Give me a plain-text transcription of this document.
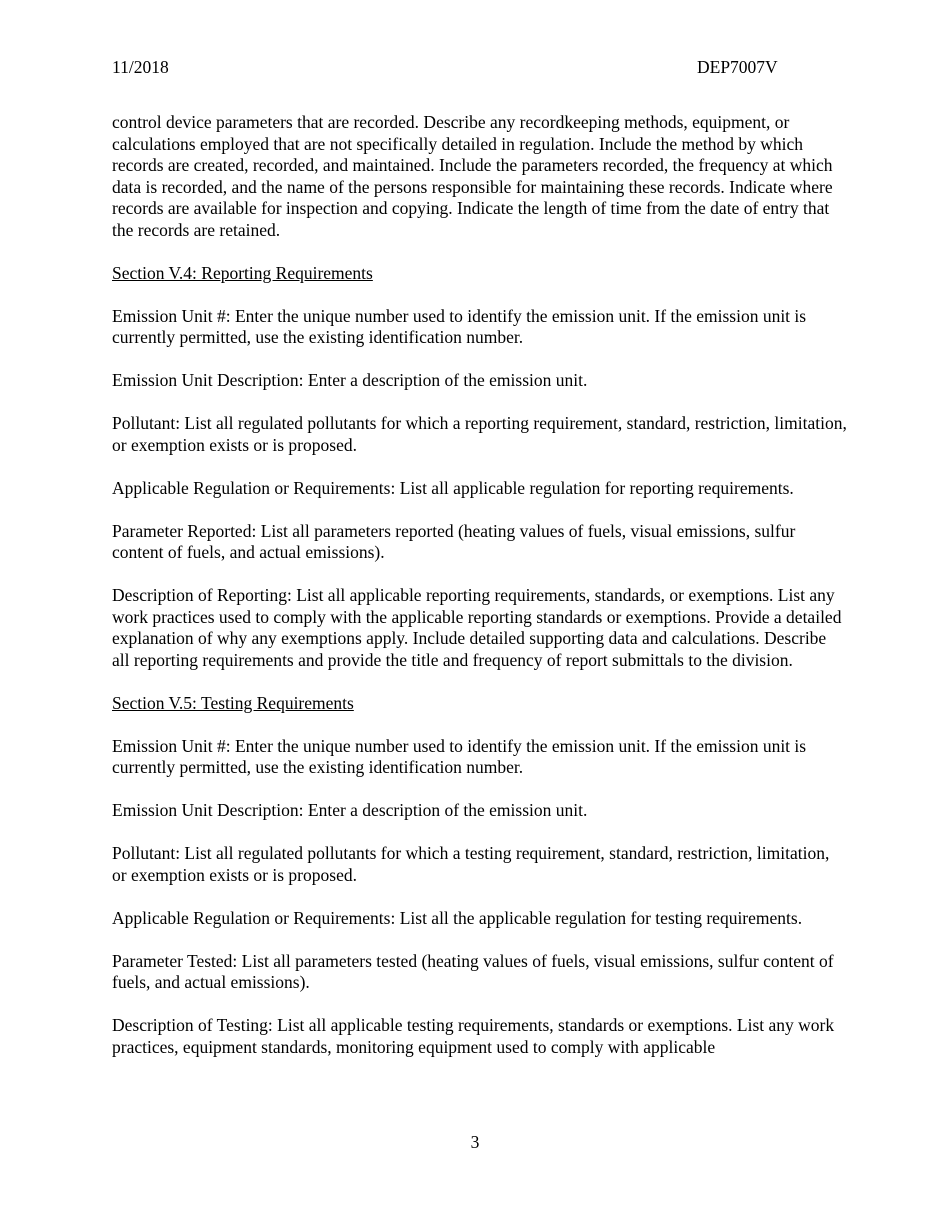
11/2018	DEP7007V

control device parameters that are recorded. Describe any recordkeeping methods, equipment, or calculations employed that are not specifically detailed in regulation. Include the method by which records are created, recorded, and maintained. Include the parameters recorded, the frequency at which data is recorded, and the name of the persons responsible for maintaining these records. Indicate where records are available for inspection and copying. Indicate the length of time from the date of entry that the records are retained.

Section V.4: Reporting Requirements

Emission Unit #: Enter the unique number used to identify the emission unit. If the emission unit is currently permitted, use the existing identification number.

Emission Unit Description: Enter a description of the emission unit.

Pollutant: List all regulated pollutants for which a reporting requirement, standard, restriction, limitation, or exemption exists or is proposed.

Applicable Regulation or Requirements: List all applicable regulation for reporting requirements.

Parameter Reported: List all parameters reported (heating values of fuels, visual emissions, sulfur content of fuels, and actual emissions).

Description of Reporting: List all applicable reporting requirements, standards, or exemptions. List any work practices used to comply with the applicable reporting standards or exemptions. Provide a detailed explanation of why any exemptions apply. Include detailed supporting data and calculations. Describe all reporting requirements and provide the title and frequency of report submittals to the division.

Section V.5: Testing Requirements

Emission Unit #: Enter the unique number used to identify the emission unit. If the emission unit is currently permitted, use the existing identification number.

Emission Unit Description: Enter a description of the emission unit.

Pollutant: List all regulated pollutants for which a testing requirement, standard, restriction, limitation, or exemption exists or is proposed.

Applicable Regulation or Requirements: List all the applicable regulation for testing requirements.

Parameter Tested: List all parameters tested (heating values of fuels, visual emissions, sulfur content of fuels, and actual emissions).

Description of Testing: List all applicable testing requirements, standards or exemptions. List any work practices, equipment standards, monitoring equipment used to comply with applicable

3
